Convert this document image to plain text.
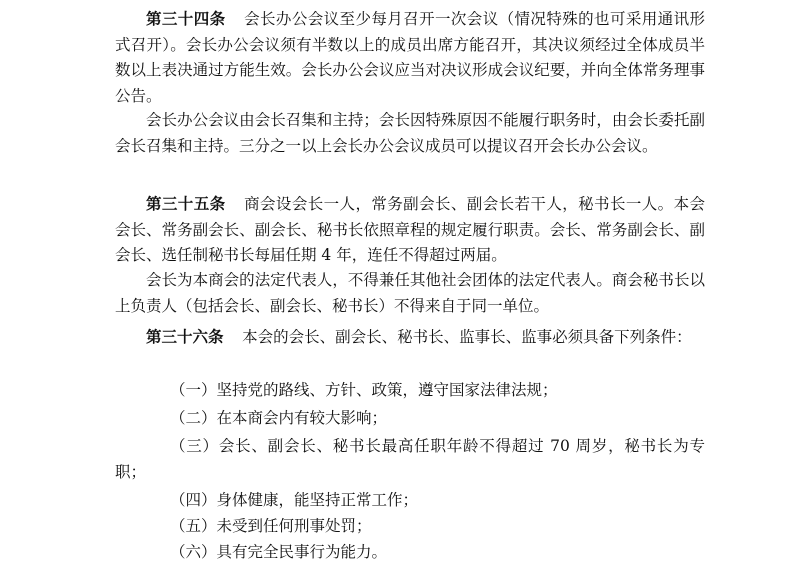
第三十四条 会长办公会议至少每月召开一次会议（情况特殊的也可采用通讯形式召开）。会长办公会议须有半数以上的成员出席方能召开，其决议须经过全体成员半数以上表决通过方能生效。会长办公会议应当对决议形成会议纪要，并向全体常务理事公告。

会长办公会议由会长召集和主持；会长因特殊原因不能履行职务时，由会长委托副会长召集和主持。三分之一以上会长办公会议成员可以提议召开会长办公会议。

第三十五条 商会设会长一人，常务副会长、副会长若干人，秘书长一人。本会会长、常务副会长、副会长、秘书长依照章程的规定履行职责。会长、常务副会长、副会长、选任制秘书长每届任期 4 年，连任不得超过两届。

会长为本商会的法定代表人，不得兼任其他社会团体的法定代表人。商会秘书长以上负责人（包括会长、副会长、秘书长）不得来自于同一单位。

第三十六条 本会的会长、副会长、秘书长、监事长、监事必须具备下列条件：

（一）坚持党的路线、方针、政策，遵守国家法律法规；

（二）在本商会内有较大影响；

（三）会长、副会长、秘书长最高任职年龄不得超过 70 周岁，秘书长为专职；

（四）身体健康，能坚持正常工作；

（五）未受到任何刑事处罚；

（六）具有完全民事行为能力。
